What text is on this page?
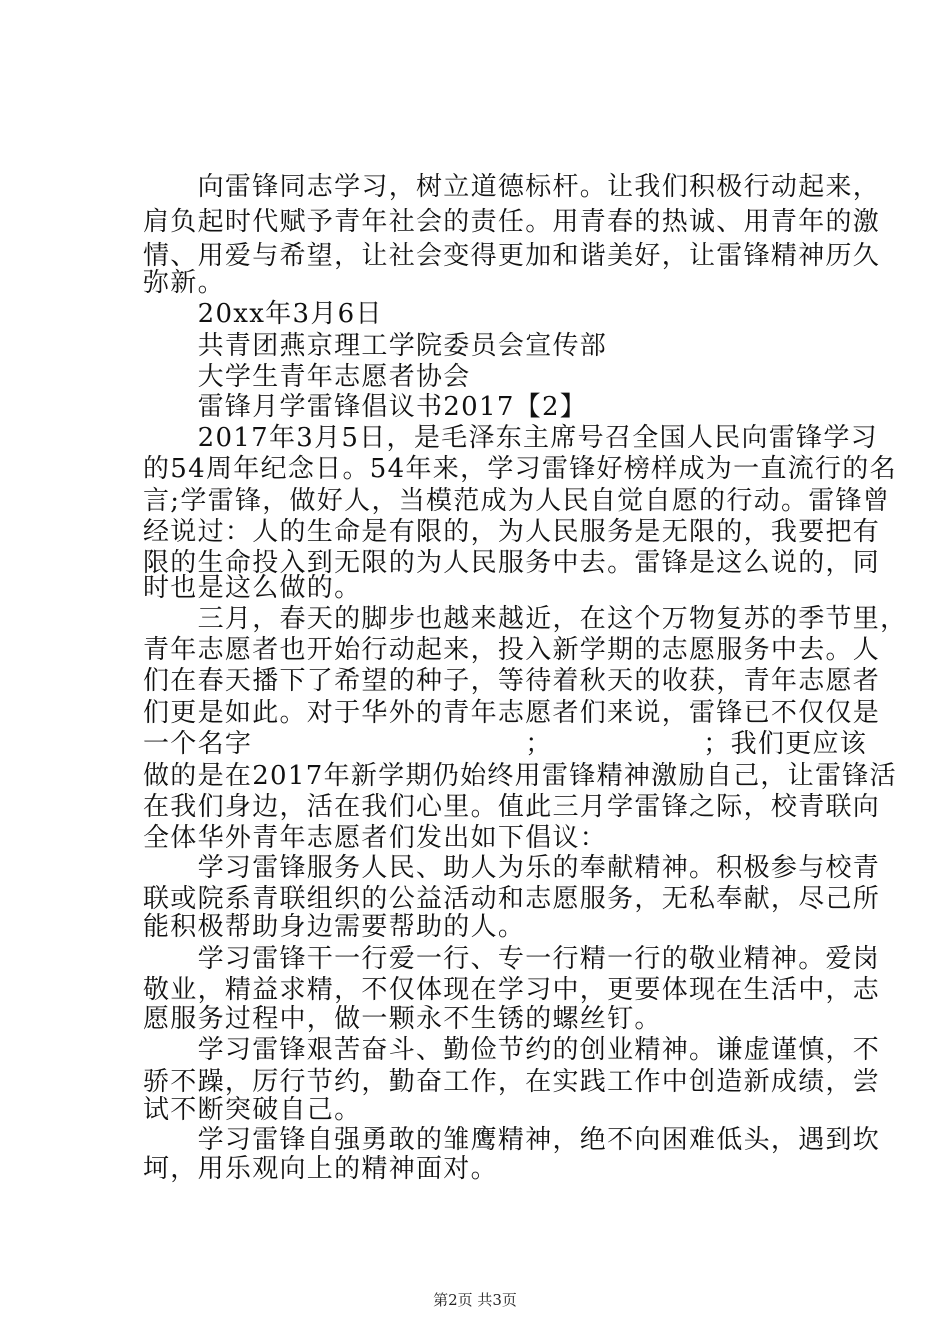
　　向雷锋同志学习，树立道德标杆。让我们积极行动起来，
肩负起时代赋予青年社会的责任。用青春的热诚、用青年的激
情、用爱与希望，让社会变得更加和谐美好，让雷锋精神历久
弥新。
　　20xx年3月6日
　　共青团燕京理工学院委员会宣传部
　　大学生青年志愿者协会
　　雷锋月学雷锋倡议书2017【2】
　　2017年3月5日，是毛泽东主席号召全国人民向雷锋学习
的54周年纪念日。54年来，学习雷锋好榜样成为一直流行的名
言;学雷锋，做好人，当模范成为人民自觉自愿的行动。雷锋曾
经说过：人的生命是有限的，为人民服务是无限的，我要把有
限的生命投入到无限的为人民服务中去。雷锋是这么说的，同
时也是这么做的。
　　三月，春天的脚步也越来越近，在这个万物复苏的季节里，
青年志愿者也开始行动起来，投入新学期的志愿服务中去。人
们在春天播下了希望的种子，等待着秋天的收获，青年志愿者
们更是如此。对于华外的青年志愿者们来说，雷锋已不仅仅是
一个名字　　　　　　　　　　；　　　　　　；我们更应该
做的是在2017年新学期仍始终用雷锋精神激励自己，让雷锋活
在我们身边，活在我们心里。值此三月学雷锋之际，校青联向
全体华外青年志愿者们发出如下倡议：
　　学习雷锋服务人民、助人为乐的奉献精神。积极参与校青
联或院系青联组织的公益活动和志愿服务，无私奉献，尽己所
能积极帮助身边需要帮助的人。
　　学习雷锋干一行爱一行、专一行精一行的敬业精神。爱岗
敬业，精益求精，不仅体现在学习中，更要体现在生活中，志
愿服务过程中，做一颗永不生锈的螺丝钉。
　　学习雷锋艰苦奋斗、勤俭节约的创业精神。谦虚谨慎，不
骄不躁，厉行节约，勤奋工作，在实践工作中创造新成绩，尝
试不断突破自己。
　　学习雷锋自强勇敢的雏鹰精神，绝不向困难低头，遇到坎
坷，用乐观向上的精神面对。
第2页 共3页
